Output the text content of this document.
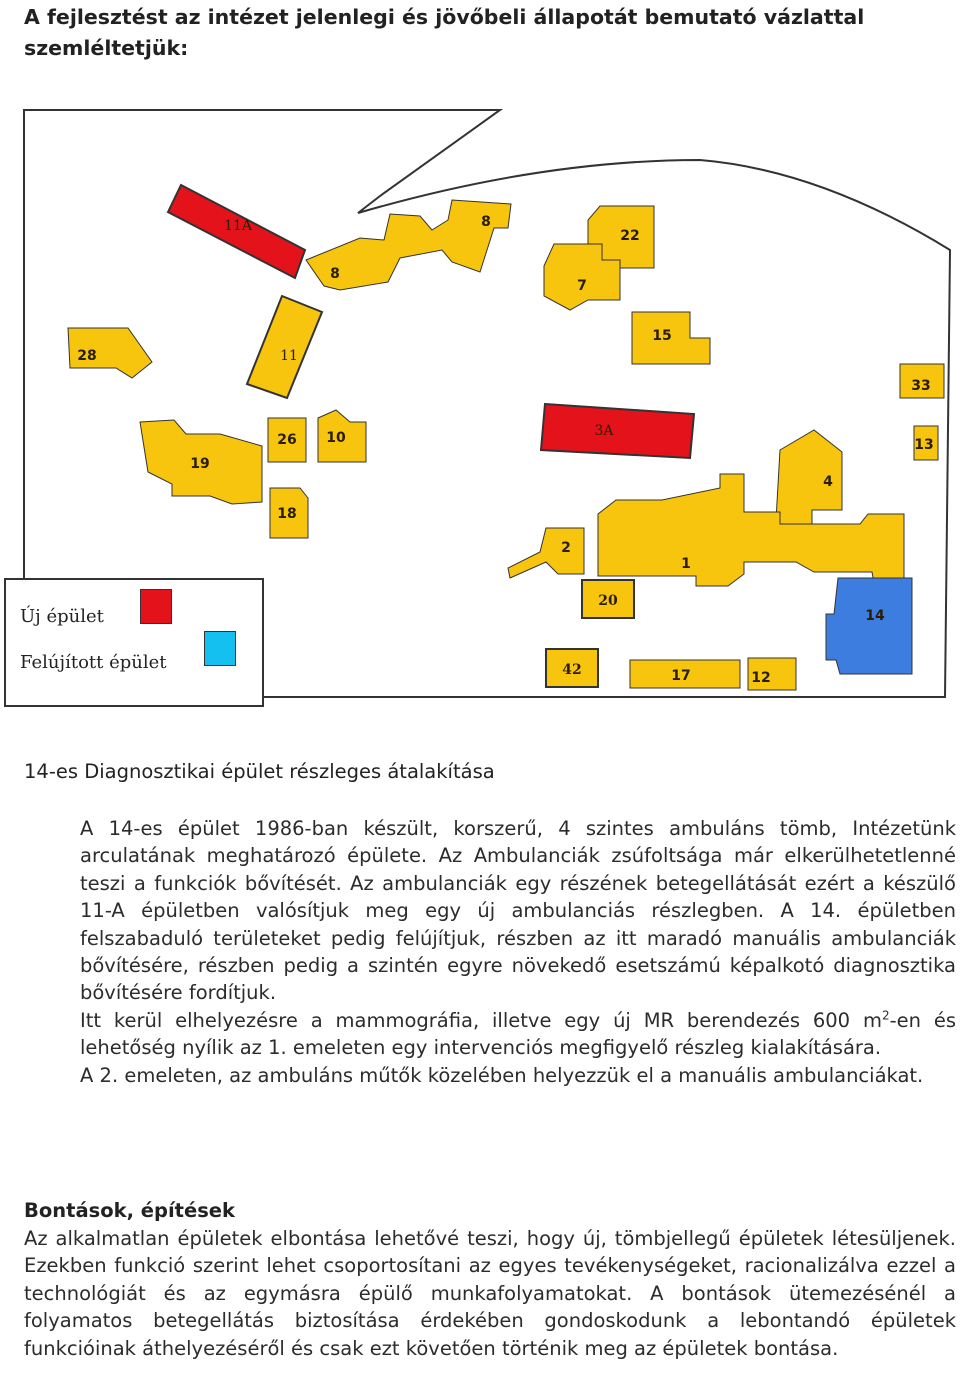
A fejlesztést az intézet jelenlegi és jövőbeli állapotát bemutató vázlattal szemléltetjük:
11A
11
3A
20
42
8
8
22
7
15
33
13
4
28
26 10
19
18
2
1
14
17	12
Új épület
Felújított épület
14-es Diagnosztikai épület részleges átalakítása

A 14-es épület 1986-ban készült, korszerű, 4 szintes ambuláns tömb, Intézetünk arculatának meghatározó épülete. Az Ambulanciák zsúfoltsága már elkerülhetetlenné teszi a funkciók bővítését. Az ambulanciák egy részének betegellátását ezért a készülő 11-A épületben valósítjuk meg egy új ambulanciás részlegben. A 14. épületben felszabaduló területeket pedig felújítjuk, részben az itt maradó manuális ambulanciák bővítésére, részben pedig a szintén egyre növekedő esetszámú képalkotó diagnosztika bővítésére fordítjuk.

Itt kerül elhelyezésre a mammográfia, illetve egy új MR berendezés 600 $m^2-en$ és lehetőség nyílik az 1. emeleten egy intervenciós megfigyelő részleg kialakítására.

A 2. emeleten, az ambuláns műtők közelében helyezzük el a manuális ambulanciákat.

Bontások, építések

Az alkalmatlan épületek elbontása lehetővé teszi, hogy új, tömbjellegű épületek létesüljenek. Ezekben funkció szerint lehet csoportosítani az egyes tevékenységeket, racionalizálva ezzel a technológiát és az egymásra épülő munkafolyamatokat. A bontások ütemezésénél a folyamatos betegellátás biztosítása érdekében gondoskodunk a lebontandó épületek funkcióinak áthelyezéséről és csak ezt követően történik meg az épületek bontása.
